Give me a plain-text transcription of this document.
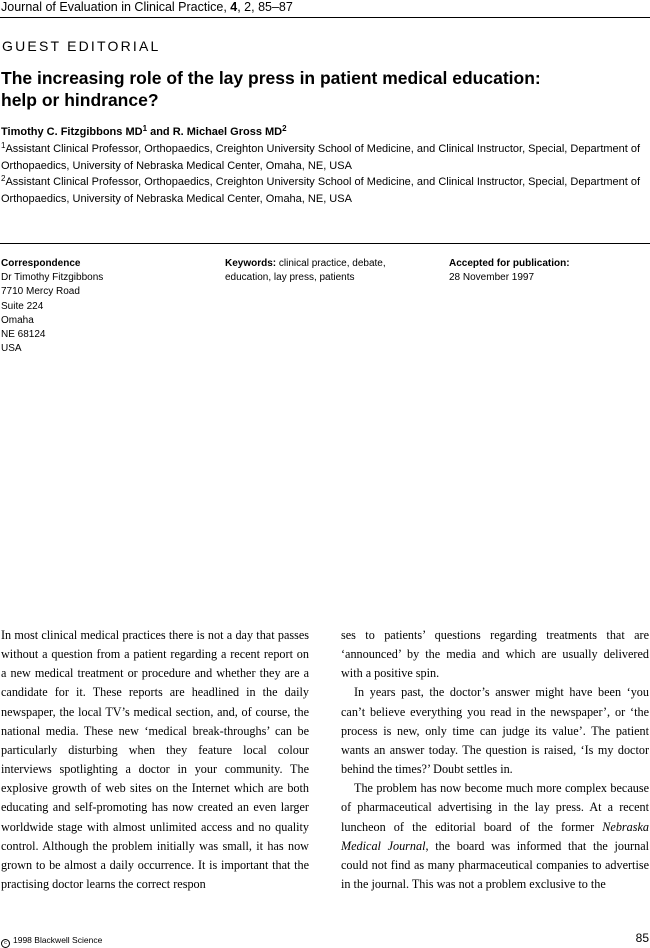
Journal of Evaluation in Clinical Practice, 4, 2, 85–87
GUEST EDITORIAL
The increasing role of the lay press in patient medical education:
help or hindrance?
Timothy C. Fitzgibbons $MD^1$ and R. Michael Gross $MD^2$
$^1$Assistant Clinical Professor, Orthopaedics, Creighton University School of Medicine, and Clinical Instructor, Special, Department of Orthopaedics, University of Nebraska Medical Center, Omaha, NE, USA
$^2$Assistant Clinical Professor, Orthopaedics, Creighton University School of Medicine, and Clinical Instructor, Special, Department of Orthopaedics, University of Nebraska Medical Center, Omaha, NE, USA
Correspondence
Dr Timothy Fitzgibbons
7710 Mercy Road
Suite 224
Omaha
NE 68124
USA
Keywords: clinical practice, debate,
education, lay press, patients
Accepted for publication:
28 November 1997

In most clinical medical practices there is not a day that passes without a question from a patient regarding a recent report on a new medical treatment or procedure and whether they are a candidate for it. These reports are headlined in the daily newspaper, the local TV’s medical section, and, of course, the national media. These new ‘medical break-throughs’ can be particularly disturbing when they feature local colour interviews spotlighting a doctor in your community. The explosive growth of web sites on the Internet which are both educating and self-promoting has now created an even larger worldwide stage with almost unlimited access and no quality control. Although the problem initially was small, it has now grown to be almost a daily occurrence. It is important that the practising doctor learns the correct respon

ses to patients’ questions regarding treatments that are ‘announced’ by the media and which are usually delivered with a positive spin.

In years past, the doctor’s answer might have been ‘you can’t believe everything you read in the newspaper’, or ‘the process is new, only time can judge its value’. The patient wants an answer today. The question is raised, ‘Is my doctor behind the times?’ Doubt settles in.

The problem has now become much more complex because of pharmaceutical advertising in the lay press. At a recent luncheon of the editorial board of the former Nebraska Medical Journal, the board was informed that the journal could not find as many pharmaceutical companies to advertise in the journal. This was not a problem exclusive to the

c 1998 Blackwell Science	85
